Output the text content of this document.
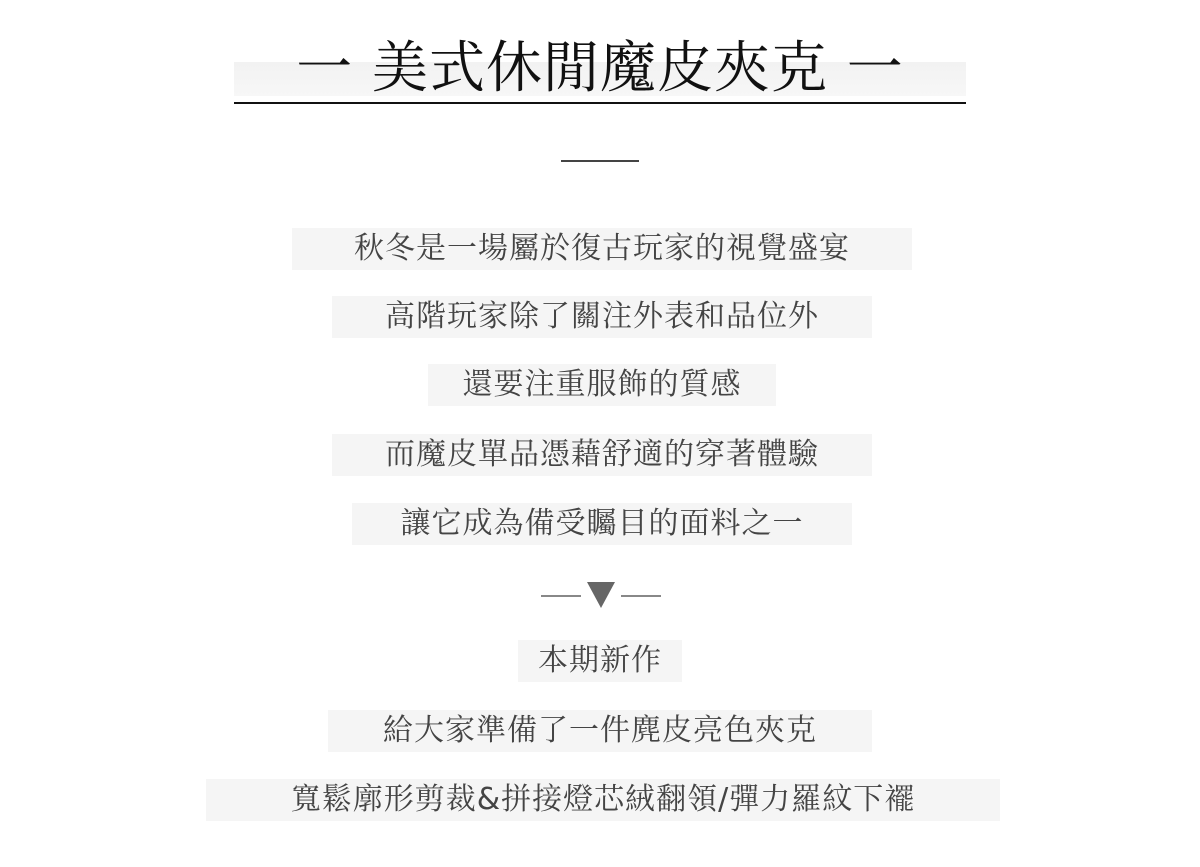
一 美式休閒魔皮夾克 一
秋冬是一場屬於復古玩家的視覺盛宴
高階玩家除了關注外表和品位外
還要注重服飾的質感
而魔皮單品憑藉舒適的穿著體驗
讓它成為備受矚目的面料之一
本期新作
給大家準備了一件麂皮亮色夾克
寬鬆廓形剪裁&拼接燈芯絨翻領/彈力羅紋下襬
